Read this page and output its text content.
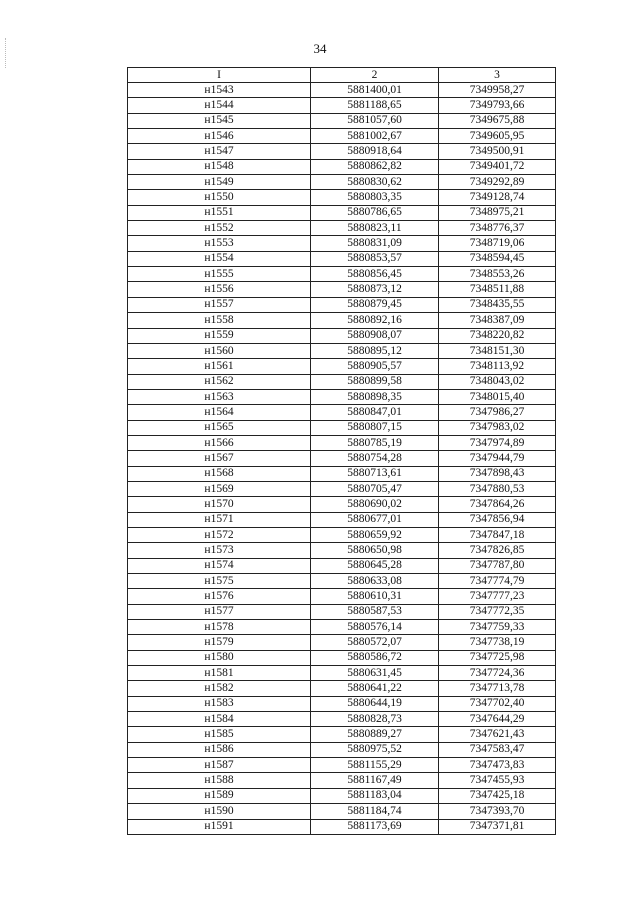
34
I	2	3
н1543	5881400,01	7349958,27
н1544	5881188,65	7349793,66
н1545	5881057,60	7349675,88
н1546	5881002,67	7349605,95
н1547	5880918,64	7349500,91
н1548	5880862,82	7349401,72
н1549	5880830,62	7349292,89
н1550	5880803,35	7349128,74
н1551	5880786,65	7348975,21
н1552	5880823,11	7348776,37
н1553	5880831,09	7348719,06
н1554	5880853,57	7348594,45
н1555	5880856,45	7348553,26
н1556	5880873,12	7348511,88
н1557	5880879,45	7348435,55
н1558	5880892,16	7348387,09
н1559	5880908,07	7348220,82
н1560	5880895,12	7348151,30
н1561	5880905,57	7348113,92
н1562	5880899,58	7348043,02
н1563	5880898,35	7348015,40
н1564	5880847,01	7347986,27
н1565	5880807,15	7347983,02
н1566	5880785,19	7347974,89
н1567	5880754,28	7347944,79
н1568	5880713,61	7347898,43
н1569	5880705,47	7347880,53
н1570	5880690,02	7347864,26
н1571	5880677,01	7347856,94
н1572	5880659,92	7347847,18
н1573	5880650,98	7347826,85
н1574	5880645,28	7347787,80
н1575	5880633,08	7347774,79
н1576	5880610,31	7347777,23
н1577	5880587,53	7347772,35
н1578	5880576,14	7347759,33
н1579	5880572,07	7347738,19
н1580	5880586,72	7347725,98
н1581	5880631,45	7347724,36
н1582	5880641,22	7347713,78
н1583	5880644,19	7347702,40
н1584	5880828,73	7347644,29
н1585	5880889,27	7347621,43
н1586	5880975,52	7347583,47
н1587	5881155,29	7347473,83
н1588	5881167,49	7347455,93
н1589	5881183,04	7347425,18
н1590	5881184,74	7347393,70
н1591	5881173,69	7347371,81
